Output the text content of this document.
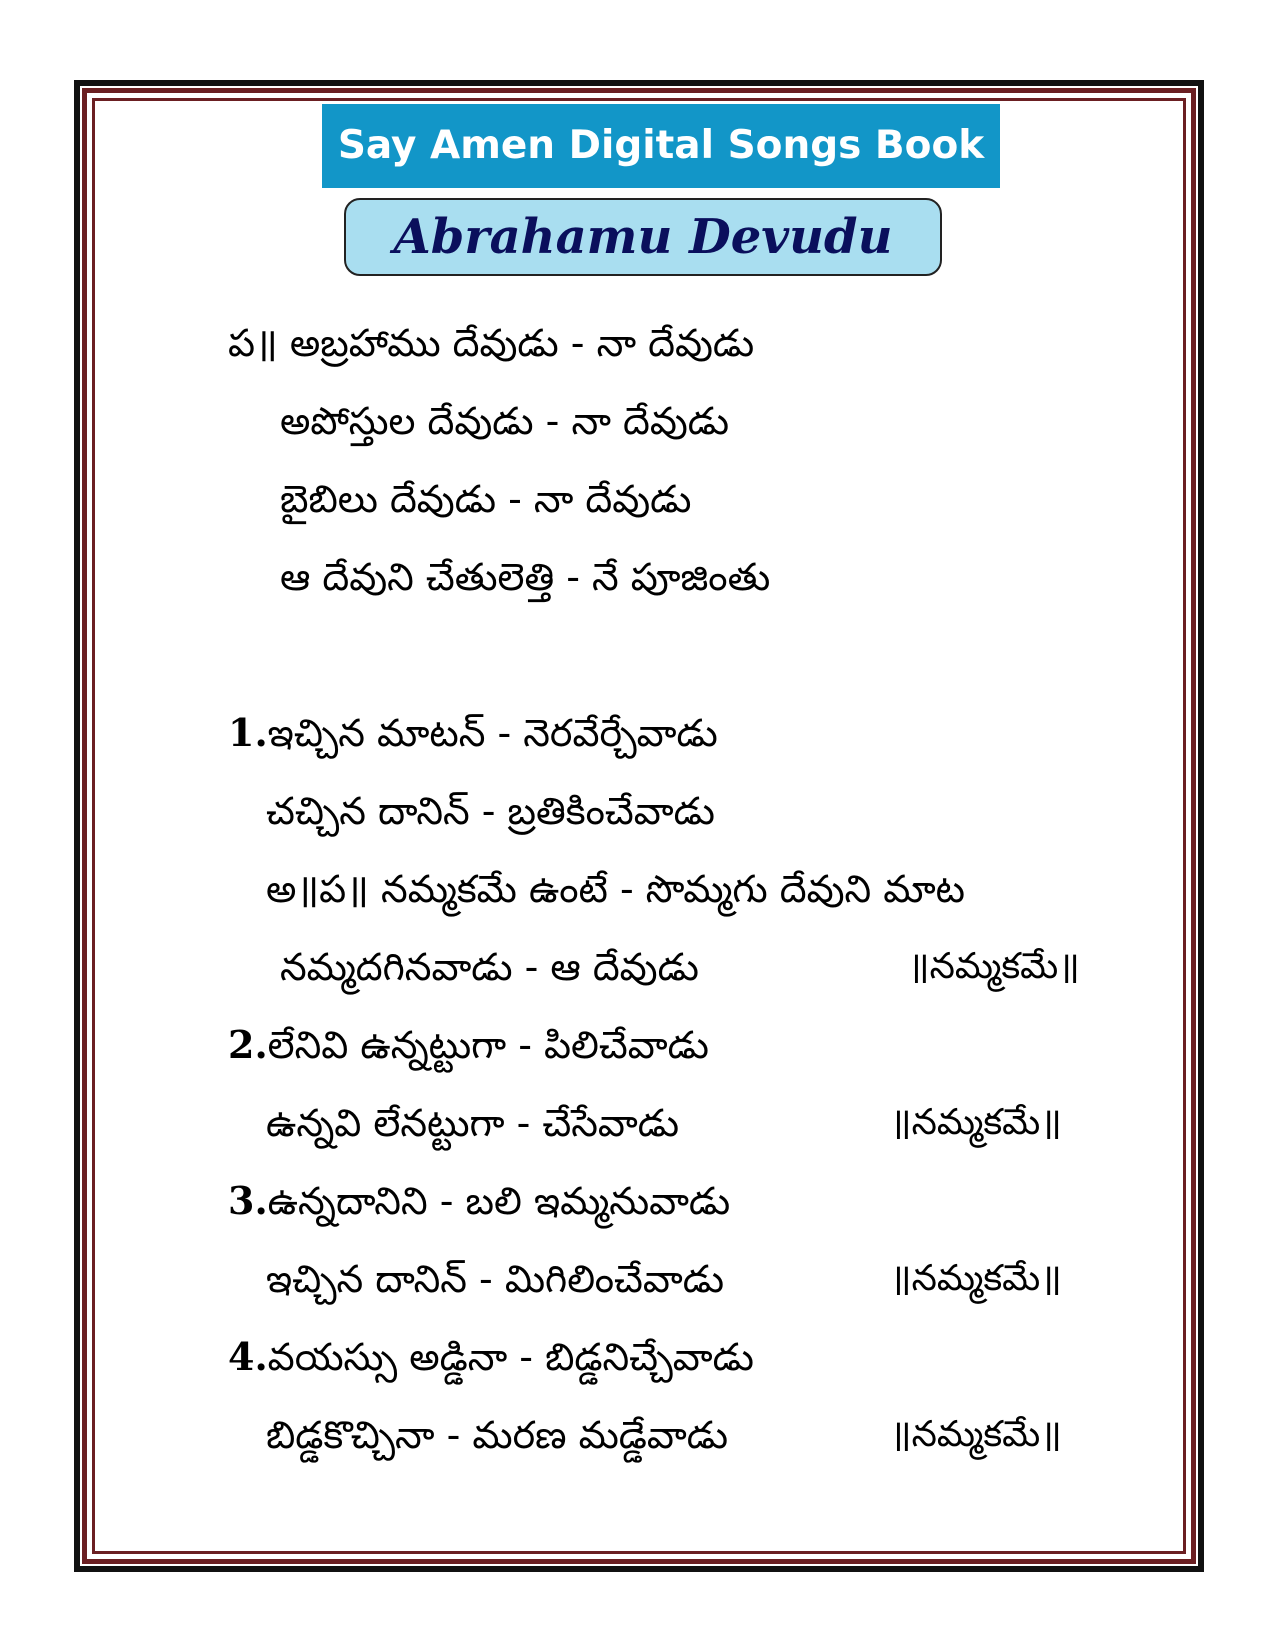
Say Amen Digital Songs Book
Abrahamu Devudu
ప॥ అబ్రహాము దేవుడు - నా దేవుడు
అపోస్తుల దేవుడు - నా దేవుడు
బైబిలు దేవుడు - నా దేవుడు
ఆ దేవుని చేతులెత్తి - నే పూజింతు
1.ఇచ్చిన మాటన్ - నెరవేర్చేవాడు
చచ్చిన దానిన్ - బ్రతికించేవాడు
అ॥ప॥ నమ్మకమే ఉంటే - సొమ్మగు దేవుని మాట
నమ్మదగినవాడు - ఆ దేవుడు	॥నమ్మకమే॥
2.లేనివి ఉన్నట్టుగా - పిలిచేవాడు
ఉన్నవి లేనట్టుగా - చేసేవాడు	॥నమ్మకమే॥
3.ఉన్నదానిని - బలి ఇమ్మనువాడు
ఇచ్చిన దానిన్ - మిగిలించేవాడు	॥నమ్మకమే॥
4.వయస్సు అడ్డినా - బిడ్డనిచ్చేవాడు
బిడ్డకొచ్చినా - మరణ మడ్డేవాడు	॥నమ్మకమే॥
